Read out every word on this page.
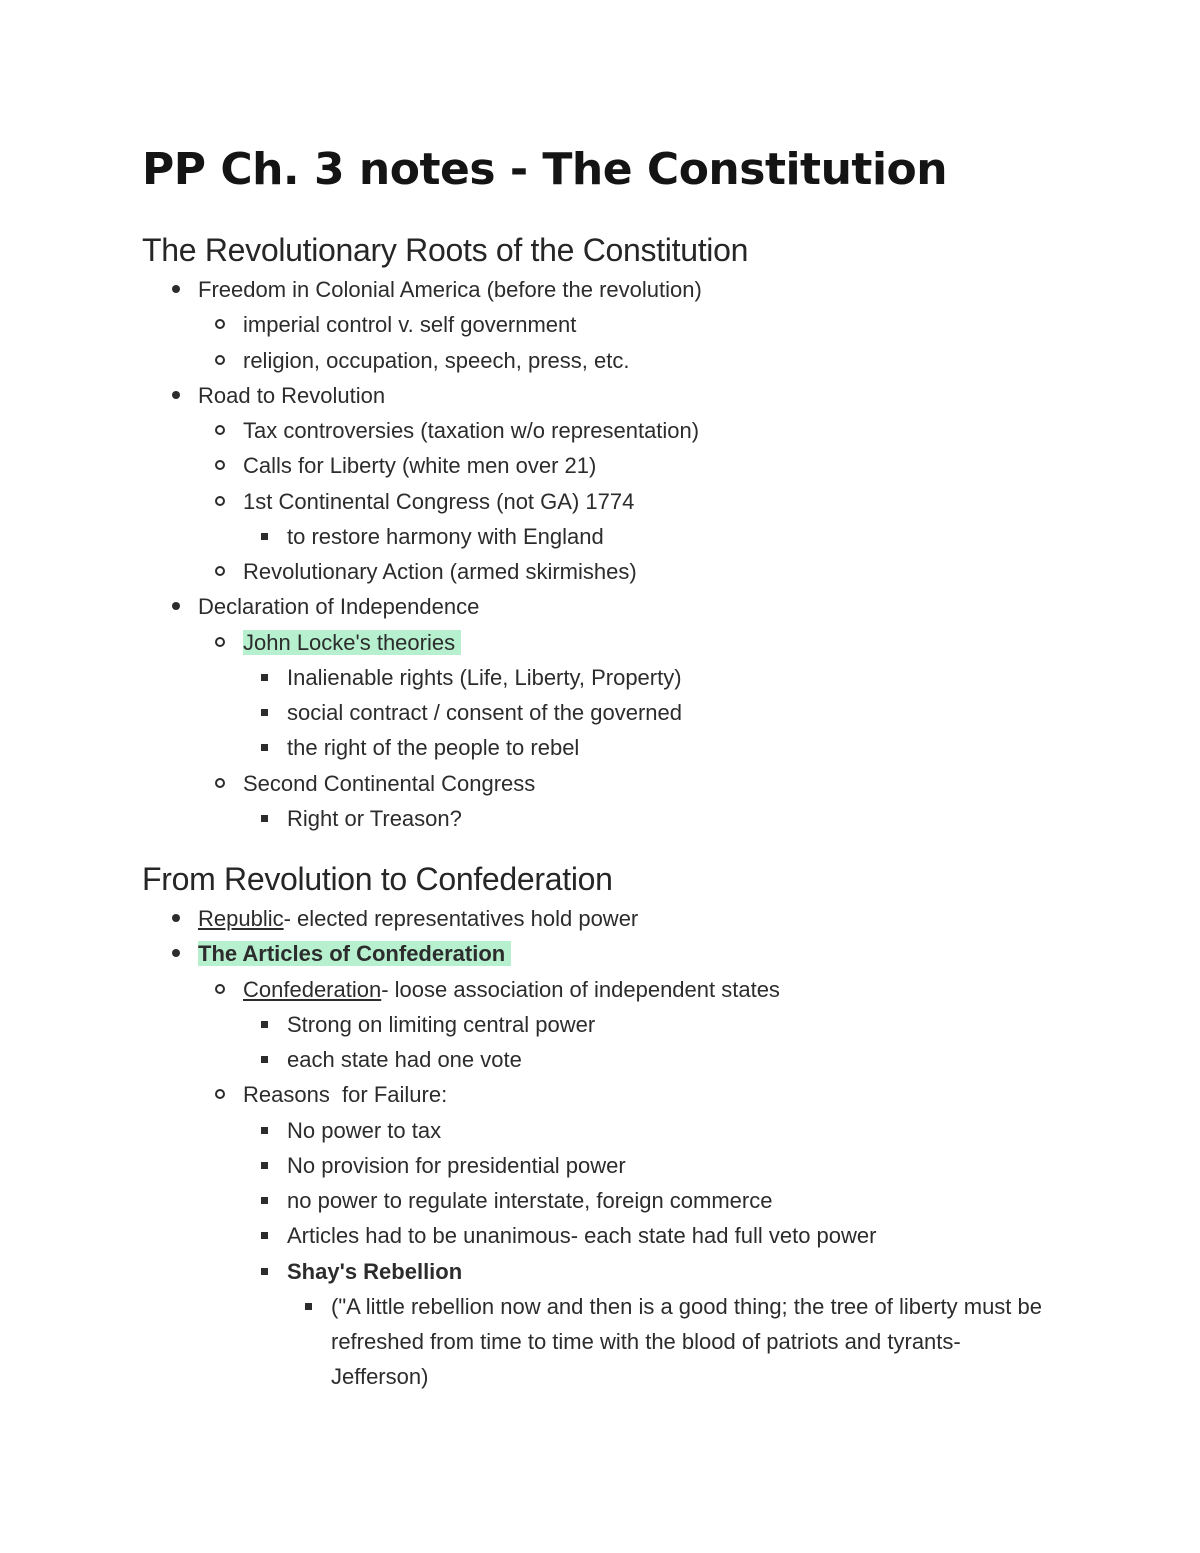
PP Ch. 3 notes - The Constitution
The Revolutionary Roots of the Constitution
Freedom in Colonial America (before the revolution)
imperial control v. self government
religion, occupation, speech, press, etc.
Road to Revolution
Tax controversies (taxation w/o representation)
Calls for Liberty (white men over 21)
1st Continental Congress (not GA) 1774
to restore harmony with England
Revolutionary Action (armed skirmishes)
Declaration of Independence
John Locke's theories
Inalienable rights (Life, Liberty, Property)
social contract / consent of the governed
the right of the people to rebel
Second Continental Congress
Right or Treason?
From Revolution to Confederation
Republic- elected representatives hold power
The Articles of Confederation
Confederation- loose association of independent states
Strong on limiting central power
each state had one vote
Reasons  for Failure:
No power to tax
No provision for presidential power
no power to regulate interstate, foreign commerce
Articles had to be unanimous- each state had full veto power
Shay's Rebellion
("A little rebellion now and then is a good thing; the tree of liberty must be refreshed from time to time with the blood of patriots and tyrants- Jefferson)
